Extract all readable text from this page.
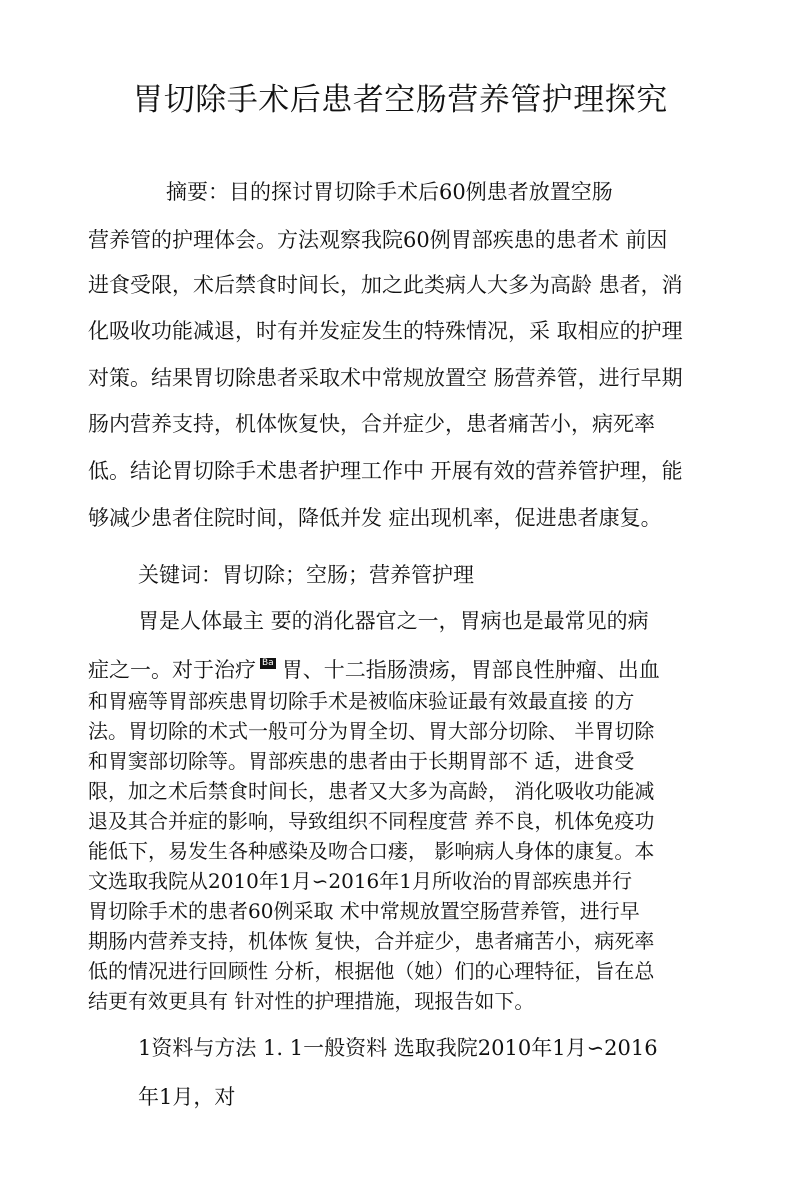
胃切除手术后患者空肠营养管护理探究

摘要：目的探讨胃切除手术后60例患者放置空肠

营养管的护理体会。方法观察我院60例胃部疾患的患者术 前因

进食受限，术后禁食时间长，加之此类病人大多为高龄 患者，消

化吸收功能减退，时有并发症发生的特殊情况，采 取相应的护理

对策。结果胃切除患者采取术中常规放置空 肠营养管，进行早期

肠内营养支持，机体恢复快，合并症少，患者痛苦小，病死率

低。结论胃切除手术患者护理工作中 开展有效的营养管护理，能

够减少患者住院时间，降低并发 症出现机率，促进患者康复。

关键词：胃切除；空肠；营养管护理

胃是人体最主 要的消化器官之一，胃病也是最常见的病

症之一。对于治疗 Ba 胃、十二指肠溃疡，胃部良性肿瘤、出血

和胃癌等胃部疾患胃切除手术是被临床验证最有效最直接 的方

法。胃切除的术式一般可分为胃全切、胃大部分切除、 半胃切除

和胃窦部切除等。胃部疾患的患者由于长期胃部不 适，进食受

限，加之术后禁食时间长，患者又大多为高龄， 消化吸收功能减

退及其合并症的影响，导致组织不同程度营 养不良，机体免疫功

能低下，易发生各种感染及吻合口瘘， 影响病人身体的康复。本

文选取我院从2010年1月∽2016年1月所收治的胃部疾患并行

胃切除手术的患者60例采取 术中常规放置空肠营养管，进行早

期肠内营养支持，机体恢 复快，合并症少，患者痛苦小，病死率

低的情况进行回顾性 分析，根据他（她）们的心理特征，旨在总

结更有效更具有 针对性的护理措施，现报告如下。

1资料与方法 1. 1一般资料 选取我院2010年1月∽2016

年1月，对
